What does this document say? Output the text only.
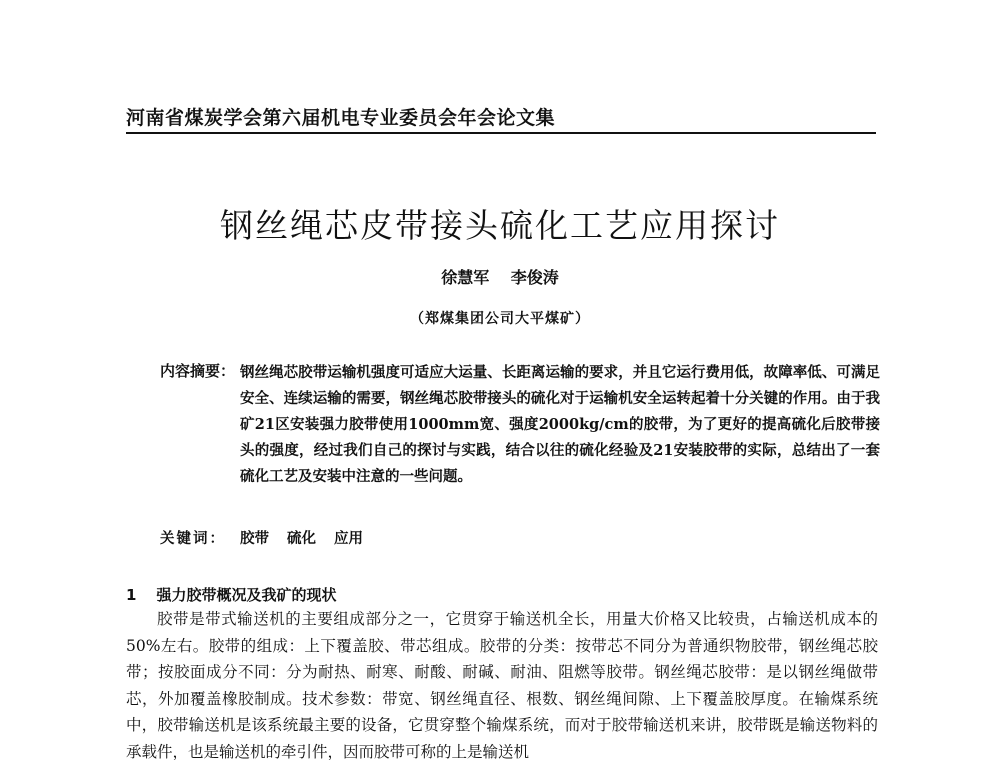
河南省煤炭学会第六届机电专业委员会年会论文集
钢丝绳芯皮带接头硫化工艺应用探讨
徐慧军 李俊涛
（郑煤集团公司大平煤矿）
内容摘要： 钢丝绳芯胶带运输机强度可适应大运量、长距离运输的要求，并且它运行费用低，故障率低、可满足安全、连续运输的需要，钢丝绳芯胶带接头的硫化对于运输机安全运转起着十分关键的作用。由于我矿21区安装强力胶带使用1000mm宽、强度2000kg/cm的胶带，为了更好的提高硫化后胶带接头的强度，经过我们自己的探讨与实践，结合以往的硫化经验及21安装胶带的实际，总结出了一套硫化工艺及安装中注意的一些问题。
关键词： 胶带 硫化 应用
1 强力胶带概况及我矿的现状
胶带是带式输送机的主要组成部分之一，它贯穿于输送机全长，用量大价格又比较贵，占输送机成本的50%左右。胶带的组成：上下覆盖胶、带芯组成。胶带的分类：按带芯不同分为普通织物胶带，钢丝绳芯胶带；按胶面成分不同：分为耐热、耐寒、耐酸、耐碱、耐油、阻燃等胶带。钢丝绳芯胶带：是以钢丝绳做带芯，外加覆盖橡胶制成。技术参数：带宽、钢丝绳直径、根数、钢丝绳间隙、上下覆盖胶厚度。在输煤系统中，胶带输送机是该系统最主要的设备，它贯穿整个输煤系统，而对于胶带输送机来讲，胶带既是输送物料的承载件，也是输送机的牵引件，因而胶带可称的上是输送机
